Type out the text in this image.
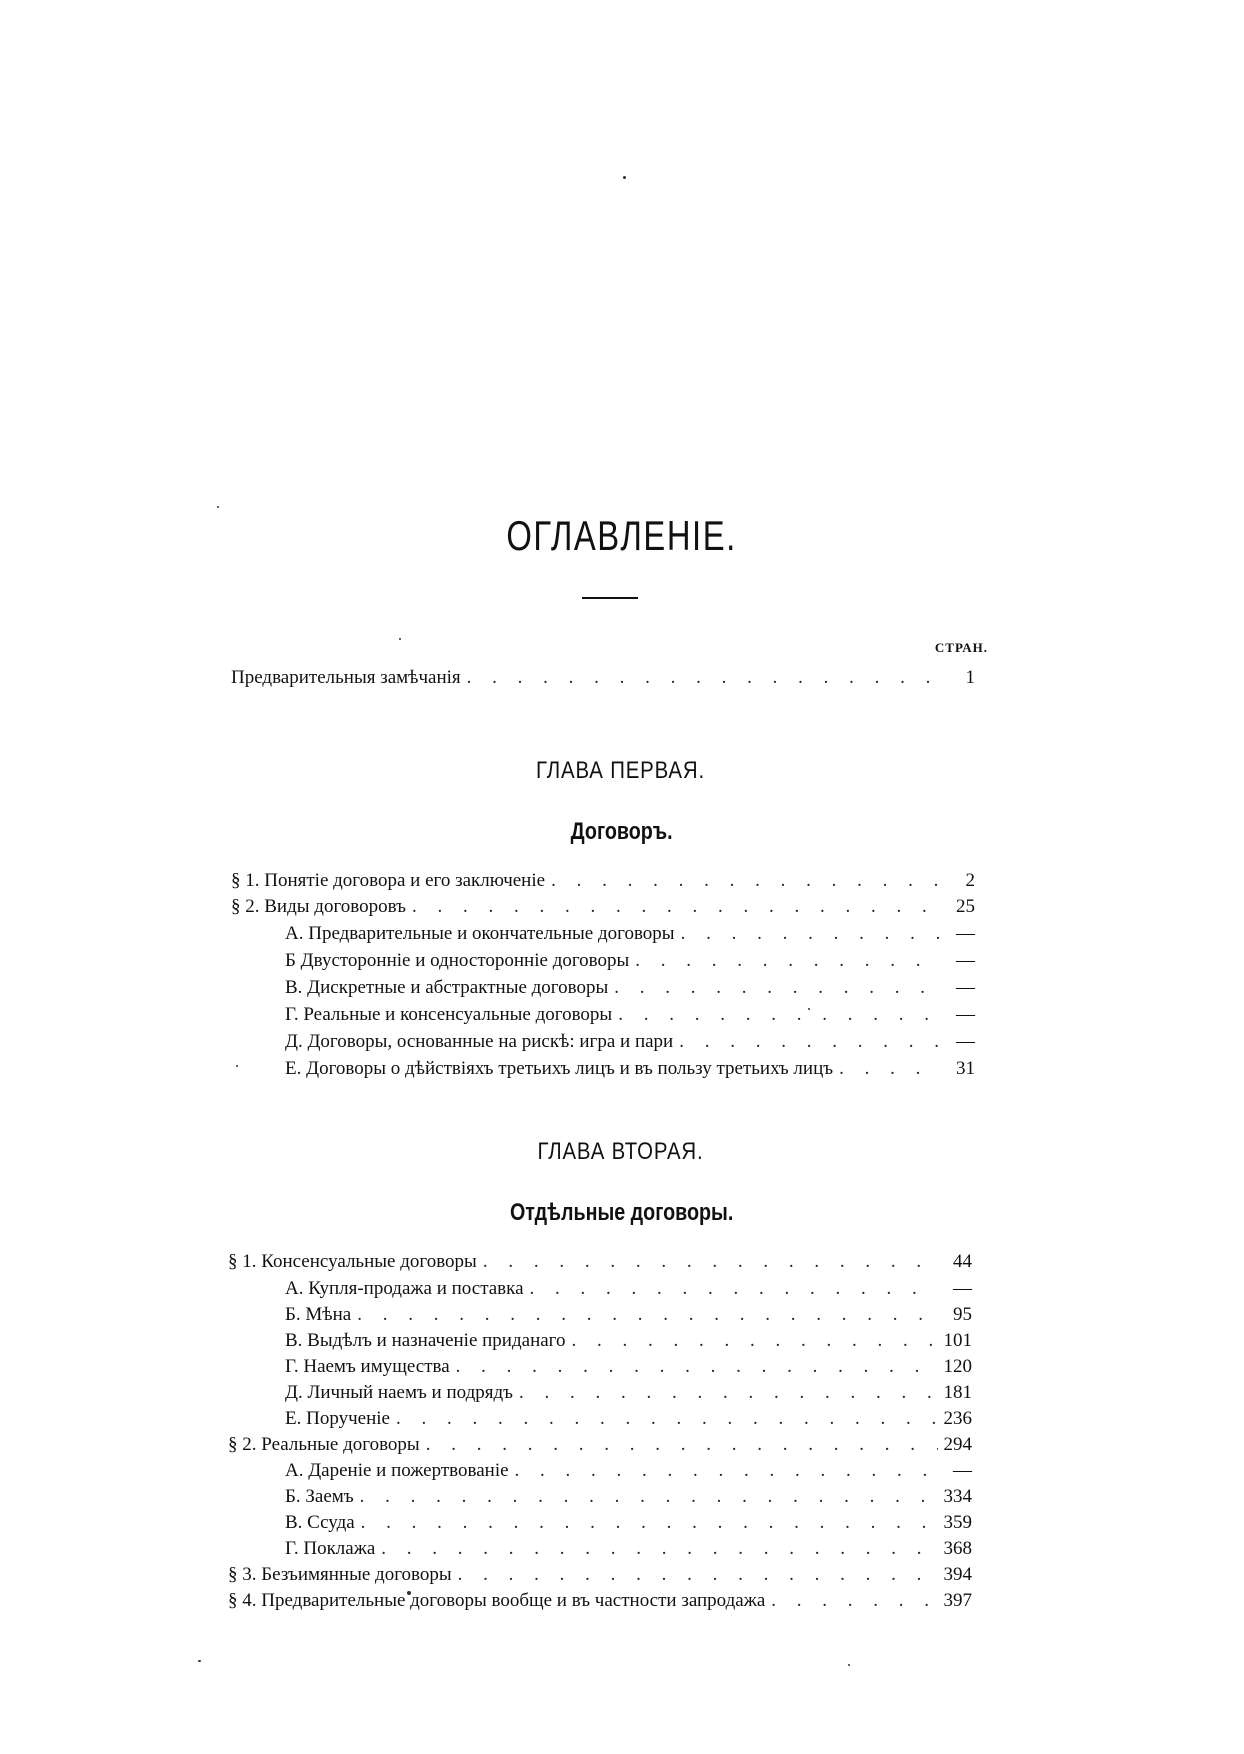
ОГЛАВЛЕНІЕ.
СТРАН.
Предварительныя замѣчанія . . .	1
ГЛАВА ПЕРВАЯ.
Договоръ.
§ 1. Понятіе договора и его заключеніе . . .	2
§ 2. Виды договоровъ . . .	25
А. Предварительные и окончательные договоры . . .	—
Б Двусторонніе и односторонніе договоры . . .	—
В. Дискретные и абстрактные договоры . . .	—
Г. Реальные и консенсуальные договоры . . .	—
Д. Договоры, основанные на рискѣ: игра и пари . . .	—
Е. Договоры о дѣйствіяхъ третьихъ лицъ и въ пользу третьихъ лицъ . . .	31
ГЛАВА ВТОРАЯ.
Отдѣльные договоры.
§ 1. Консенсуальные договоры . . .	44
А. Купля-продажа и поставка . . .	—
Б. Мѣна . . .	95
В. Выдѣлъ и назначеніе приданаго . . .	101
Г. Наемъ имущества . . .	120
Д. Личный наемъ и подрядъ . . .	181
Е. Порученіе . . .	236
§ 2. Реальные договоры . . .	294
А. Дареніе и пожертвованіе . . .	—
Б. Заемъ . . .	334
В. Ссуда . . .	359
Г. Поклажа . . .	368
§ 3. Безъимянные договоры . . .	394
§ 4. Предварительные договоры вообще и въ частности запродажа . . .	397
